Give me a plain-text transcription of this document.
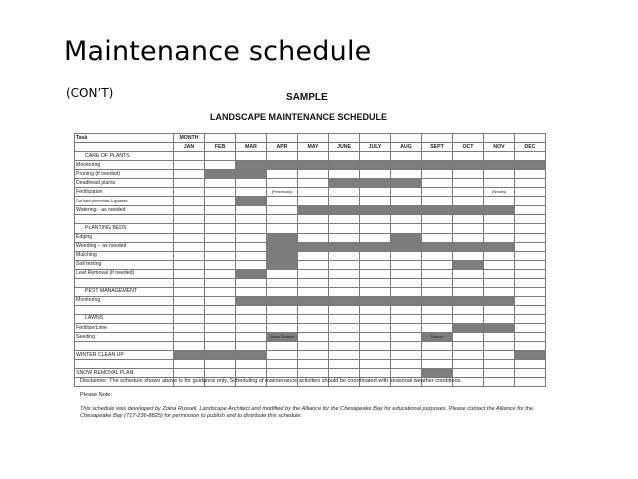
Maintenance schedule
(CON’T)	SAMPLE
LANDSCAPE MAINTENANCE SCHEDULE
Task	MONTH											
	JAN	FEB	MAR	APR	MAY	JUNE	JULY	AUG	SEPT	OCT	NOV	DEC
CARE OF PLANTS												
Monitoring												
Pruning (if needed)												
Deadhead plants												
Fertilization				(Perennials)							(Shrubs)	

Cut back perennials & grasses												
Watering - as needed												

PLANTING BEDS												
Edging												
Weeding – as needed												
Mulching												
Soil testing												
Leaf Removal (if needed)												

PEST MANAGEMENT												
Monitoring												

LAWNS												
Fertilize/Lime												
Seeding				Warm Season					Season			

WINTER CLEAN UP												

SNOW REMOVAL PLAN												

Disclaimer: The schedule shown above is for guidance only. Scheduling of maintenance activities should be coordinated with seasonal weather conditions.

Please Note:

This schedule was developed by Zolna Russell, Landscape Architect and modified by the Alliance for the Chesapeake Bay for educational purposes. Please contact the Alliance for the Chesapeake Bay (717-236-8825) for permission to publish and to distribute this schedule.
